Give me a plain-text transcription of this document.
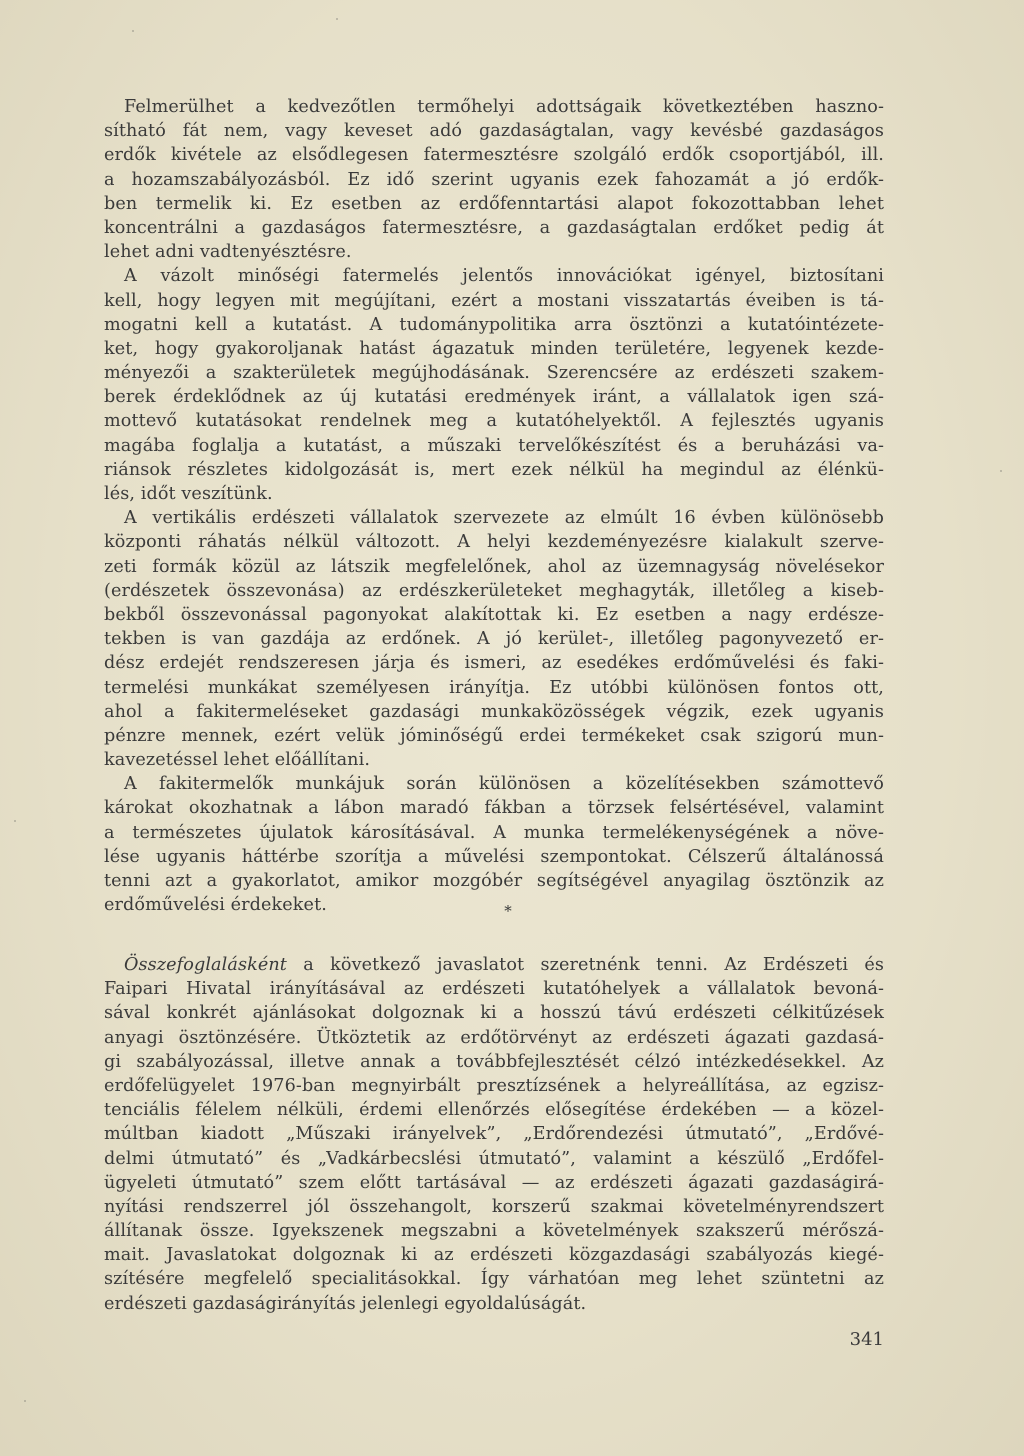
Felmerülhet a kedvezőtlen termőhelyi adottságaik következtében haszno-
sítható fát nem, vagy keveset adó gazdaságtalan, vagy kevésbé gazdaságos
erdők kivétele az elsődlegesen fatermesztésre szolgáló erdők csoportjából, ill.
a hozamszabályozásból. Ez idő szerint ugyanis ezek fahozamát a jó erdők-
ben termelik ki. Ez esetben az erdőfenntartási alapot fokozottabban lehet
koncentrálni a gazdaságos fatermesztésre, a gazdaságtalan erdőket pedig át
lehet adni vadtenyésztésre.
A vázolt minőségi fatermelés jelentős innovációkat igényel, biztosítani
kell, hogy legyen mit megújítani, ezért a mostani visszatartás éveiben is tá-
mogatni kell a kutatást. A tudománypolitika arra ösztönzi a kutatóintézete-
ket, hogy gyakoroljanak hatást ágazatuk minden területére, legyenek kezde-
ményezői a szakterületek megújhodásának. Szerencsére az erdészeti szakem-
berek érdeklődnek az új kutatási eredmények iránt, a vállalatok igen szá-
mottevő kutatásokat rendelnek meg a kutatóhelyektől. A fejlesztés ugyanis
magába foglalja a kutatást, a műszaki tervelőkészítést és a beruházási va-
riánsok részletes kidolgozását is, mert ezek nélkül ha megindul az élénkü-
lés, időt veszítünk.
A vertikális erdészeti vállalatok szervezete az elmúlt 16 évben különösebb
központi ráhatás nélkül változott. A helyi kezdeményezésre kialakult szerve-
zeti formák közül az látszik megfelelőnek, ahol az üzemnagyság növelésekor
(erdészetek összevonása) az erdészkerületeket meghagyták, illetőleg a kiseb-
bekből összevonással pagonyokat alakítottak ki. Ez esetben a nagy erdésze-
tekben is van gazdája az erdőnek. A jó kerület-, illetőleg pagonyvezető er-
dész erdejét rendszeresen járja és ismeri, az esedékes erdőművelési és faki-
termelési munkákat személyesen irányítja. Ez utóbbi különösen fontos ott,
ahol a fakitermeléseket gazdasági munkaközösségek végzik, ezek ugyanis
pénzre mennek, ezért velük jóminőségű erdei termékeket csak szigorú mun-
kavezetéssel lehet előállítani.
A fakitermelők munkájuk során különösen a közelítésekben számottevő
károkat okozhatnak a lábon maradó fákban a törzsek felsértésével, valamint
a természetes újulatok károsításával. A munka termelékenységének a növe-
lése ugyanis háttérbe szorítja a művelési szempontokat. Célszerű általánossá
tenni azt a gyakorlatot, amikor mozgóbér segítségével anyagilag ösztönzik az
erdőművelési érdekeket.	*
Összefoglalásként a következő javaslatot szeretnénk tenni. Az Erdészeti és
Faipari Hivatal irányításával az erdészeti kutatóhelyek a vállalatok bevoná-
sával konkrét ajánlásokat dolgoznak ki a hosszú távú erdészeti célkitűzések
anyagi ösztönzésére. Ütköztetik az erdőtörvényt az erdészeti ágazati gazdasá-
gi szabályozással, illetve annak a továbbfejlesztését célzó intézkedésekkel. Az
erdőfelügyelet 1976-ban megnyirbált presztízsének a helyreállítása, az egzisz-
tenciális félelem nélküli, érdemi ellenőrzés elősegítése érdekében — a közel-
múltban kiadott „Műszaki irányelvek”, „Erdőrendezési útmutató”, „Erdővé-
delmi útmutató” és „Vadkárbecslési útmutató”, valamint a készülő „Erdőfel-
ügyeleti útmutató” szem előtt tartásával — az erdészeti ágazati gazdaságirá-
nyítási rendszerrel jól összehangolt, korszerű szakmai követelményrendszert
állítanak össze. Igyekszenek megszabni a követelmények szakszerű mérőszá-
mait. Javaslatokat dolgoznak ki az erdészeti közgazdasági szabályozás kiegé-
szítésére megfelelő specialitásokkal. Így várhatóan meg lehet szüntetni az
erdészeti gazdaságirányítás jelenlegi egyoldalúságát.
341
